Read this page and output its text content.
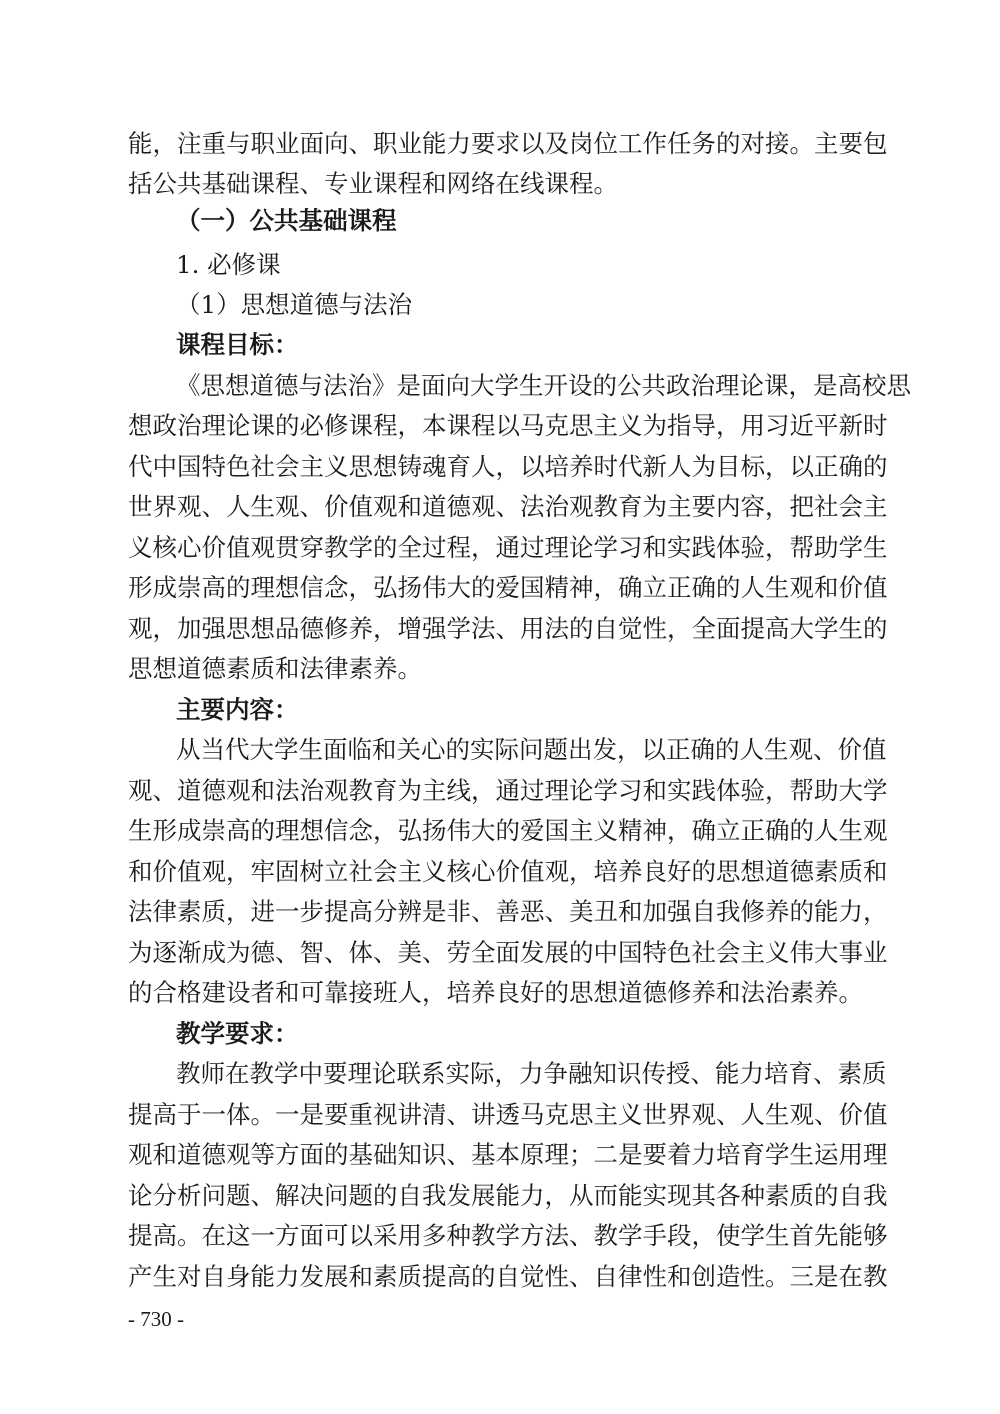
能，注重与职业面向、职业能力要求以及岗位工作任务的对接。主要包
括公共基础课程、专业课程和网络在线课程。
（一）公共基础课程
1. 必修课
（1）思想道德与法治
课程目标：
《思想道德与法治》是面向大学生开设的公共政治理论课，是高校思
想政治理论课的必修课程，本课程以马克思主义为指导，用习近平新时
代中国特色社会主义思想铸魂育人，以培养时代新人为目标，以正确的
世界观、人生观、价值观和道德观、法治观教育为主要内容，把社会主
义核心价值观贯穿教学的全过程，通过理论学习和实践体验，帮助学生
形成崇高的理想信念，弘扬伟大的爱国精神，确立正确的人生观和价值
观，加强思想品德修养，增强学法、用法的自觉性，全面提高大学生的
思想道德素质和法律素养。
主要内容：
从当代大学生面临和关心的实际问题出发，以正确的人生观、价值
观、道德观和法治观教育为主线，通过理论学习和实践体验，帮助大学
生形成崇高的理想信念，弘扬伟大的爱国主义精神，确立正确的人生观
和价值观，牢固树立社会主义核心价值观，培养良好的思想道德素质和
法律素质，进一步提高分辨是非、善恶、美丑和加强自我修养的能力，
为逐渐成为德、智、体、美、劳全面发展的中国特色社会主义伟大事业
的合格建设者和可靠接班人，培养良好的思想道德修养和法治素养。
教学要求：
教师在教学中要理论联系实际，力争融知识传授、能力培育、素质
提高于一体。一是要重视讲清、讲透马克思主义世界观、人生观、价值
观和道德观等方面的基础知识、基本原理；二是要着力培育学生运用理
论分析问题、解决问题的自我发展能力，从而能实现其各种素质的自我
提高。在这一方面可以采用多种教学方法、教学手段，使学生首先能够
产生对自身能力发展和素质提高的自觉性、自律性和创造性。三是在教
- 730 -
